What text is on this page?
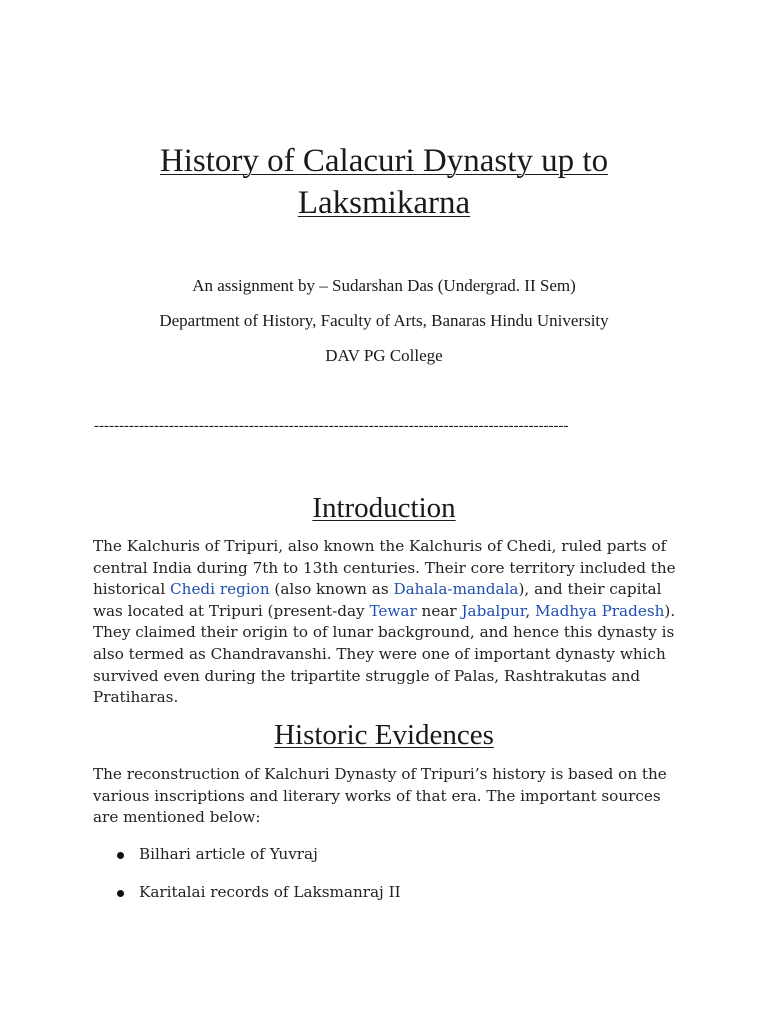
History of Calacuri Dynasty up to Laksmikarna

An assignment by – Sudarshan Das (Undergrad. II Sem)

Department of History, Faculty of Arts, Banaras Hindu University

DAV PG College

-----------------------------------------------------------------------------------------------

Introduction

The Kalchuris of Tripuri, also known the Kalchuris of Chedi, ruled parts of central India during 7th to 13th centuries. Their core territory included the historical Chedi region (also known as Dahala-mandala), and their capital was located at Tripuri (present-day Tewar near Jabalpur, Madhya Pradesh). They claimed their origin to of lunar background, and hence this dynasty is also termed as Chandravanshi. They were one of important dynasty which survived even during the tripartite struggle of Palas, Rashtrakutas and Pratiharas.

Historic Evidences

The reconstruction of Kalchuri Dynasty of Tripuri’s history is based on the various inscriptions and literary works of that era. The important sources are mentioned below:

Bilhari article of Yuvraj
Karitalai records of Laksmanraj II
